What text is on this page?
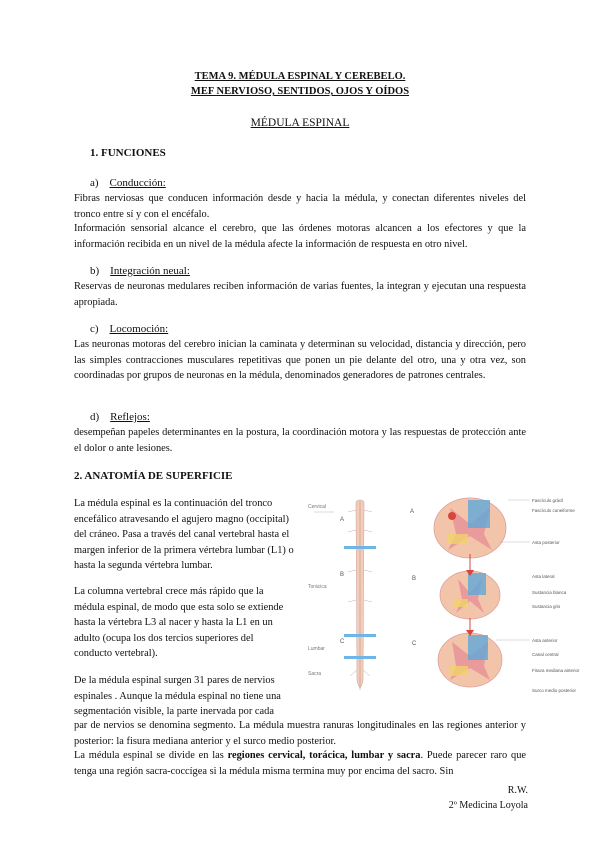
TEMA 9. MÉDULA ESPINAL Y CEREBELO.
MEF NERVIOSO, SENTIDOS, OJOS Y OÍDOS
MÉDULA ESPINAL
1. FUNCIONES
a) Conducción:
Fibras nerviosas que conducen información desde y hacia la médula, y conectan diferentes niveles del tronco entre sí y con el encéfalo.
Información sensorial alcance el cerebro, que las órdenes motoras alcancen a los efectores y que la información recibida en un nivel de la médula afecte la información de respuesta en otro nivel.
b) Integración neual:
Reservas de neuronas medulares reciben información de varias fuentes, la integran y ejecutan una respuesta apropiada.
c) Locomoción:
Las neuronas motoras del cerebro inician la caminata y determinan su velocidad, distancia y dirección, pero las simples contracciones musculares repetitivas que ponen un pie delante del otro, una y otra vez, son coordinadas por grupos de neuronas en la médula, denominados generadores de patrones centrales.
d) Reflejos:
desempeñan papeles determinantes en la postura, la coordinación motora y las respuestas de protección ante el dolor o ante lesiones.
2. ANATOMÍA DE SUPERFICIE
La médula espinal es la continuación del tronco encefálico atravesando el agujero magno (occipital) del cráneo. Pasa a través del canal vertebral hasta el margen inferior de la primera vértebra lumbar (L1) o hasta la segunda vértebra lumbar.
La columna vertebral crece más rápido que la médula espinal, de modo que esta solo se extiende hasta la vértebra L3 al nacer y hasta la L1 en un adulto (ocupa los dos tercios superiores del conducto vertebral).
De la médula espinal surgen 31 pares de nervios espinales . Aunque la médula espinal no tiene una segmentación visible, la parte inervada por cada
par de nervios se denomina segmento. La médula muestra ranuras longitudinales en las regiones anterior y posterior: la fisura mediana anterior y el surco medio posterior.
La médula espinal se divide en las regiones cervical, torácica, lumbar y sacra. Puede parecer raro que tenga una región sacra-coccígea si la médula misma termina muy por encima del sacro. Sin
Cervical

Torácica
Lumbar
Sacra
A
B
C
A
B
C
Fascículo grácil
Fascículo cuneiforme
Asta posterior
Asta lateral
Sustancia blanca
Sustancia gris
Asta anterior
Canal central
Fisura mediana anterior
Surco medio posterior
R.W.
2º Medicina Loyola
